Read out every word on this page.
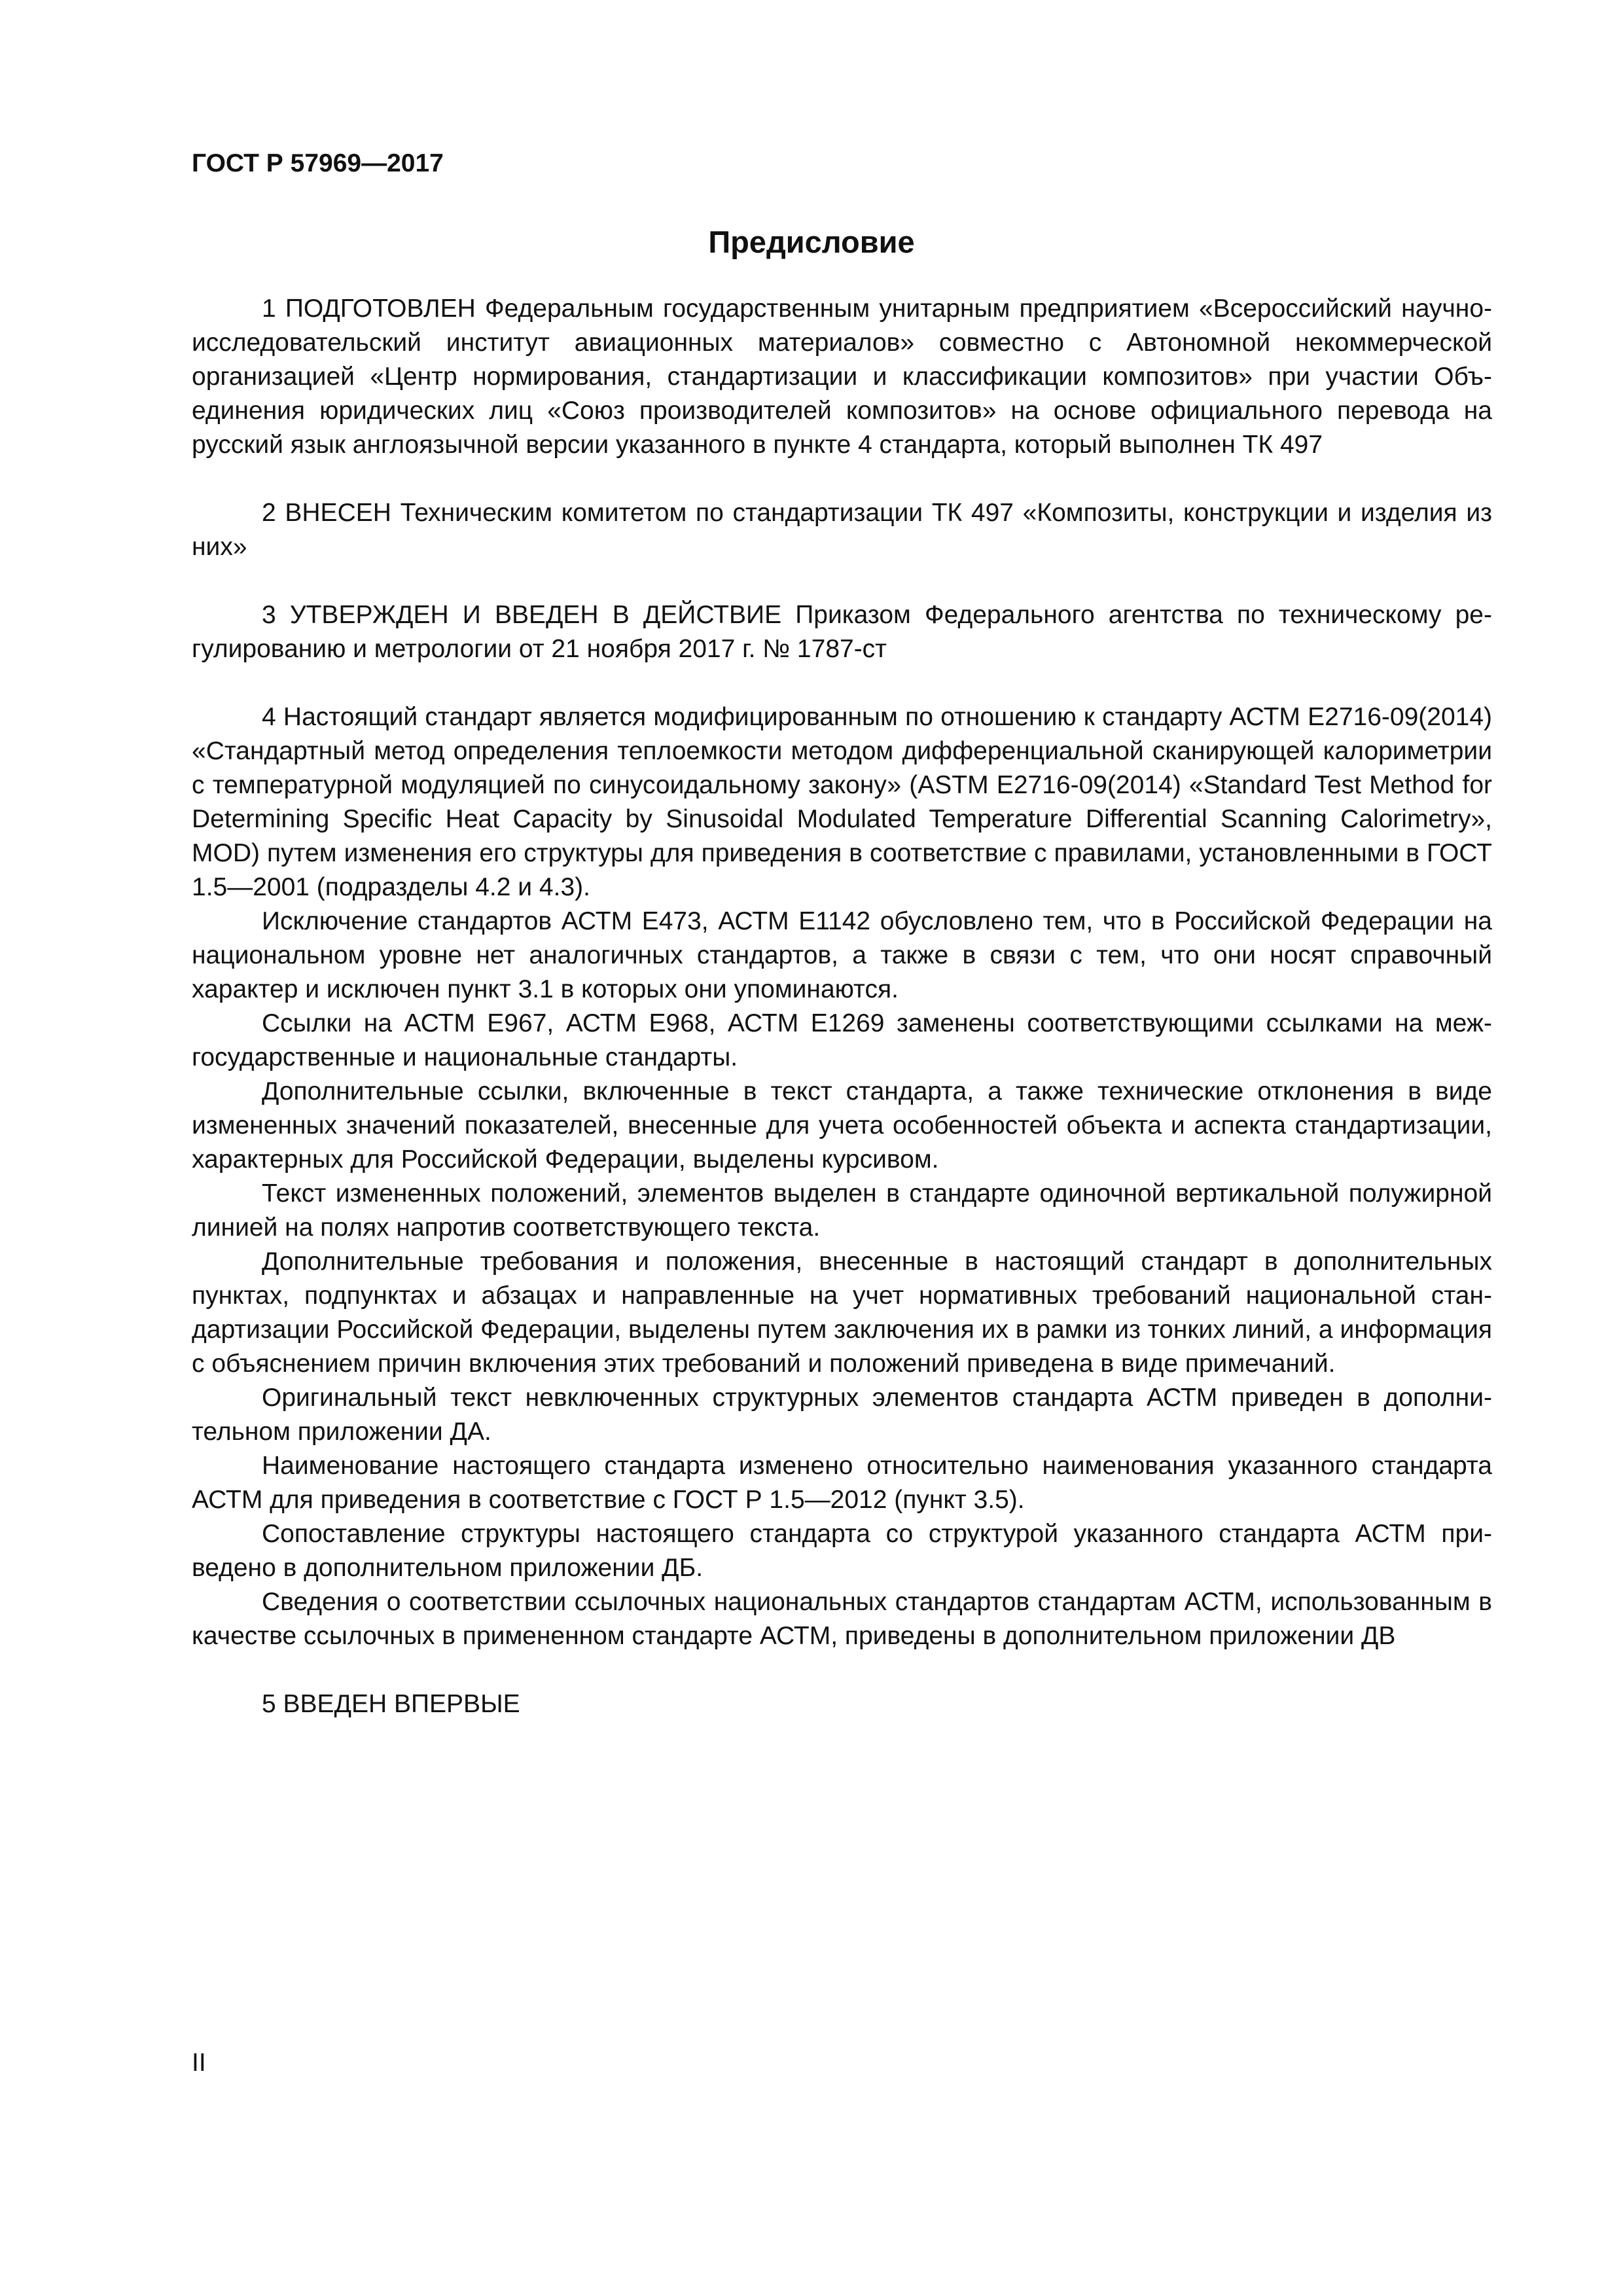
ГОСТ Р 57969—2017

Предисловие

1 ПОДГОТОВЛЕН Федеральным государственным унитарным предприятием «Всероссийский научно-исследовательский институт авиационных материалов» совместно с Автономной некоммерческой организацией «Центр нормирования, стандартизации и классификации композитов» при участии Объединения юридических лиц «Союз производителей композитов» на основе официального перевода на русский язык англоязычной версии указанного в пункте 4 стандарта, который выполнен ТК 497

2 ВНЕСЕН Техническим комитетом по стандартизации ТК 497 «Композиты, конструкции и изделия из них»

3 УТВЕРЖДЕН И ВВЕДЕН В ДЕЙСТВИЕ Приказом Федерального агентства по техническому регулированию и метрологии от 21 ноября 2017 г. № 1787-ст

4 Настоящий стандарт является модифицированным по отношению к стандарту АСТМ Е2716-09(2014) «Стандартный метод определения теплоемкости методом дифференциальной сканирующей калориметрии с температурной модуляцией по синусоидальному закону» (ASTM E2716-09(2014) «Standard Test Method for Determining Specific Heat Capacity by Sinusoidal Modulated Temperature Differential Scanning Calorimetry», MOD) путем изменения его структуры для приведения в соответствие с правилами, установленными в ГОСТ 1.5—2001 (подразделы 4.2 и 4.3).

Исключение стандартов АСТМ Е473, АСТМ Е1142 обусловлено тем, что в Российской Федерации на национальном уровне нет аналогичных стандартов, а также в связи с тем, что они носят справочный характер и исключен пункт 3.1 в которых они упоминаются.

Ссылки на АСТМ Е967, АСТМ Е968, АСТМ Е1269 заменены соответствующими ссылками на межгосударственные и национальные стандарты.

Дополнительные ссылки, включенные в текст стандарта, а также технические отклонения в виде измененных значений показателей, внесенные для учета особенностей объекта и аспекта стандартизации, характерных для Российской Федерации, выделены курсивом.

Текст измененных положений, элементов выделен в стандарте одиночной вертикальной полужирной линией на полях напротив соответствующего текста.

Дополнительные требования и положения, внесенные в настоящий стандарт в дополнительных пунктах, подпунктах и абзацах и направленные на учет нормативных требований национальной стандартизации Российской Федерации, выделены путем заключения их в рамки из тонких линий, а информация с объяснением причин включения этих требований и положений приведена в виде примечаний.

Оригинальный текст невключенных структурных элементов стандарта АСТМ приведен в дополнительном приложении ДА.

Наименование настоящего стандарта изменено относительно наименования указанного стандарта АСТМ для приведения в соответствие с ГОСТ Р 1.5—2012 (пункт 3.5).

Сопоставление структуры настоящего стандарта со структурой указанного стандарта АСТМ приведено в дополнительном приложении ДБ.

Сведения о соответствии ссылочных национальных стандартов стандартам АСТМ, использованным в качестве ссылочных в примененном стандарте АСТМ, приведены в дополнительном приложении ДВ

5 ВВЕДЕН ВПЕРВЫЕ

II
